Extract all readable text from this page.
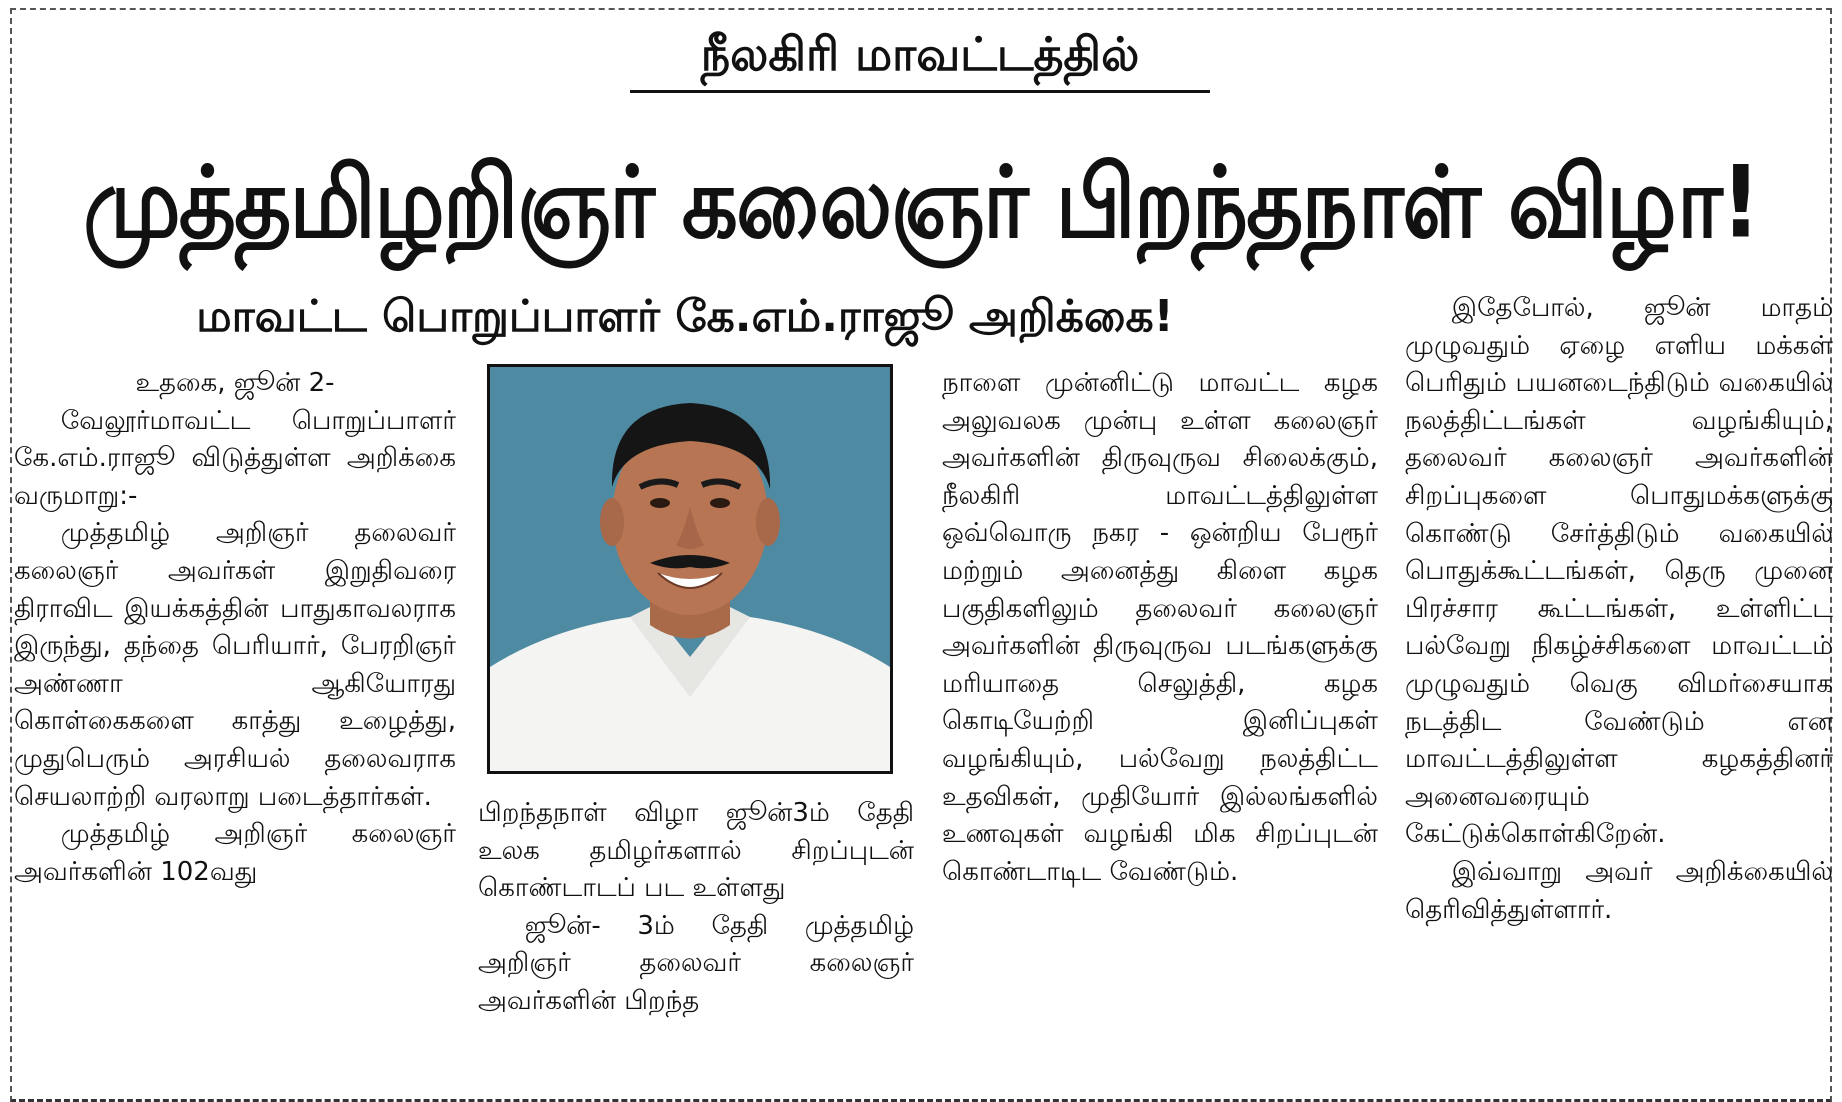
நீலகிரி மாவட்டத்தில்
முத்தமிழறிஞர் கலைஞர் பிறந்தநாள் விழா!
மாவட்ட பொறுப்பாளர் கே.எம்.ராஜூ அறிக்கை!

உதகை, ஜூன் 2-

வேலூர்மாவட்ட பொறுப்பாளர் கே.எம்.ராஜூ விடுத்துள்ள அறிக்கை வருமாறு:-

முத்தமிழ் அறிஞர் தலைவர் கலைஞர் அவர்கள் இறுதிவரை திராவிட இயக்கத்தின் பாதுகாவலராக இருந்து, தந்தை பெரியார், பேரறிஞர் அண்ணா ஆகியோரது கொள்கைகளை காத்து உழைத்து, முதுபெரும் அரசியல் தலைவராக செயலாற்றி வரலாறு படைத்தார்கள்.

முத்தமிழ் அறிஞர் கலைஞர் அவர்களின் 102வது

பிறந்தநாள் விழா ஜூன்3ம் தேதி உலக தமிழர்களால் சிறப்புடன் கொண்டாடப் பட உள்ளது

ஜூன்- 3ம் தேதி முத்தமிழ் அறிஞர் தலைவர் கலைஞர் அவர்களின் பிறந்த

நாளை முன்னிட்டு மாவட்ட கழக அலுவலக முன்பு உள்ள கலைஞர் அவர்களின் திருவுருவ சிலைக்கும், நீலகிரி மாவட்டத்திலுள்ள ஒவ்வொரு நகர - ஒன்றிய பேரூர் மற்றும் அனைத்து கிளை கழக பகுதிகளிலும் தலைவர் கலைஞர் அவர்களின் திருவுருவ படங்களுக்கு மரியாதை செலுத்தி, கழக கொடியேற்றி இனிப்புகள் வழங்கியும், பல்வேறு நலத்திட்ட உதவிகள், முதியோர் இல்லங்களில் உணவுகள் வழங்கி மிக சிறப்புடன் கொண்டாடிட வேண்டும்.

இதேபோல், ஜூன் மாதம் முழுவதும் ஏழை எளிய மக்கள் பெரிதும் பயனடைந்திடும் வகையில் நலத்திட்டங்கள் வழங்கியும், தலைவர் கலைஞர் அவர்களின் சிறப்புகளை பொதுமக்களுக்கு கொண்டு சேர்த்திடும் வகையில் பொதுக்கூட்டங்கள், தெரு முனை பிரச்சார கூட்டங்கள், உள்ளிட்ட பல்வேறு நிகழ்ச்சிகளை மாவட்டம் முழுவதும் வெகு விமர்சையாக நடத்திட வேண்டும் என மாவட்டத்திலுள்ள கழகத்தினர் அனைவரையும் கேட்டுக்கொள்கிறேன்.

இவ்வாறு அவர் அறிக்கையில் தெரிவித்துள்ளார்.
